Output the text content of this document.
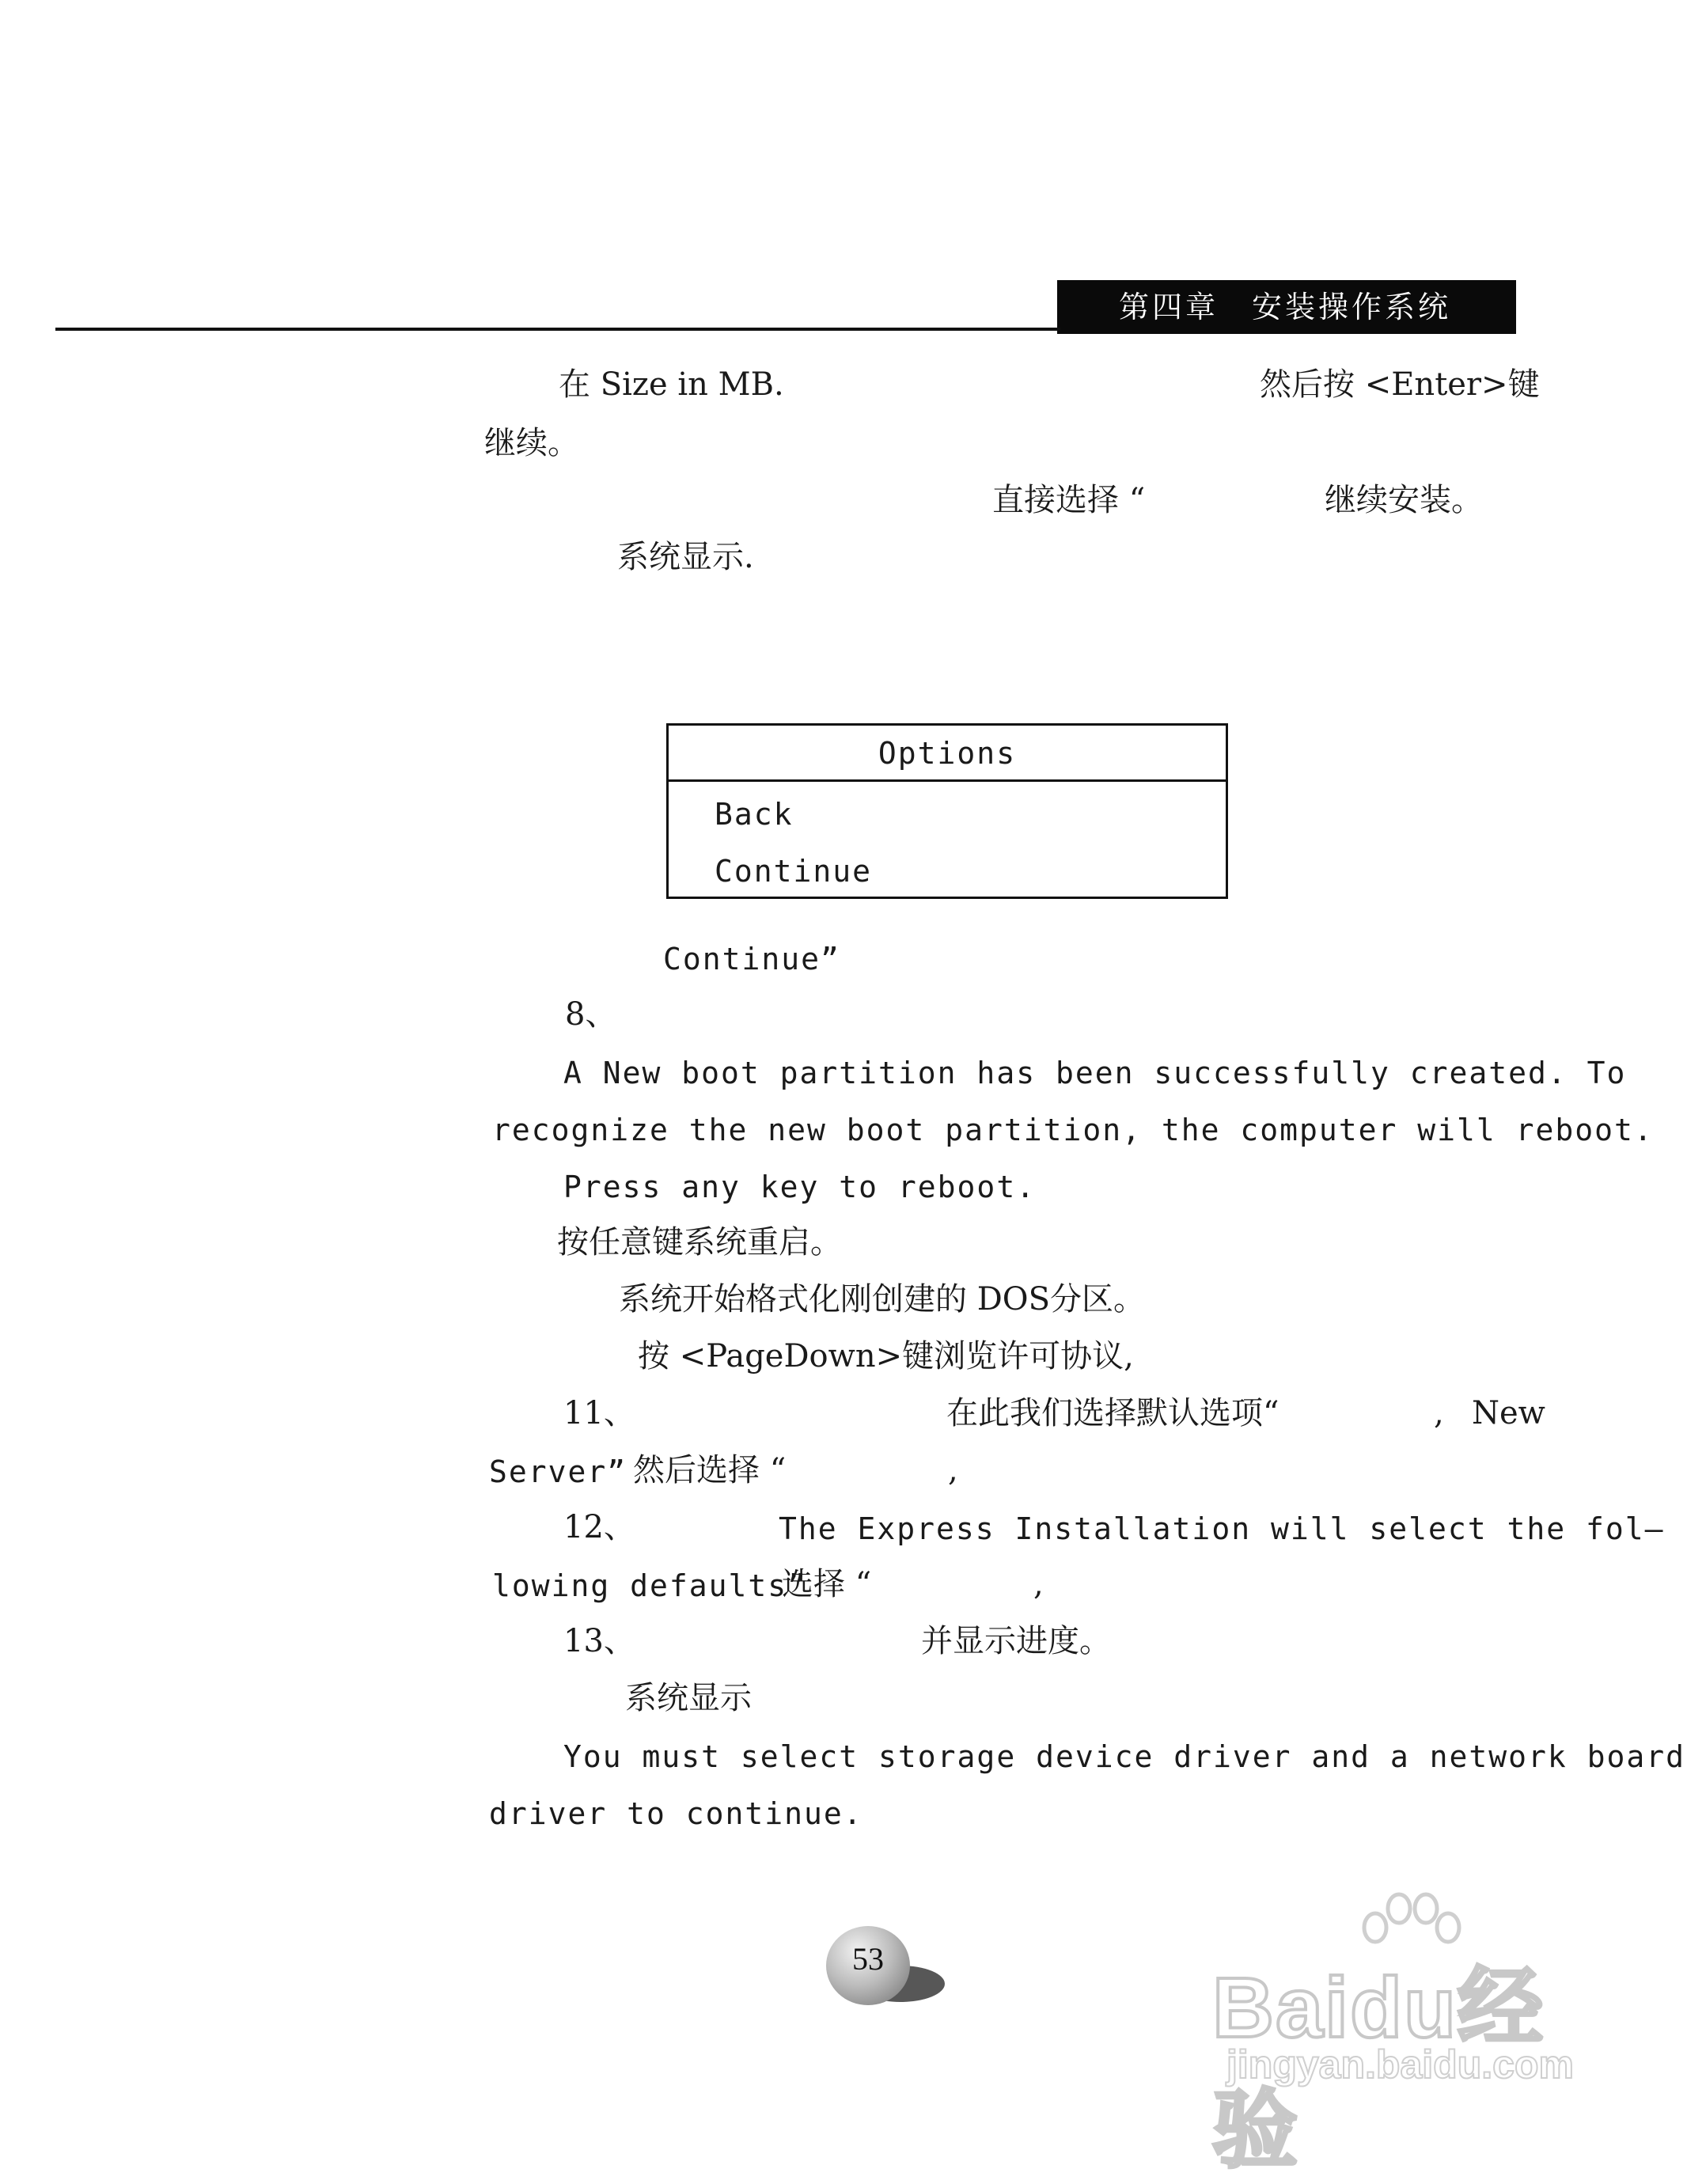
第四章　安装操作系统
在 Size in MB.	然后按 <Enter>键
继续。
直接选择 “	继续安装。
系统显示.
Options
Back
Continue
Continue”
8、
A New boot partition has been successfully created. To
recognize the new boot partition, the computer will reboot.
Press any key to reboot.
按任意键系统重启。
系统开始格式化刚创建的 DOS分区。
按 <PageDown>键浏览许可协议,
11、	在此我们选择默认选项“	, New
Server” 然后选择 “	,
12、	The Express Installation will select the fol—
lowing defaults”
选择 “	,
13、	并显示进度。
系统显示
You must select storage device driver and a network board
driver to continue.
53
Baidu经验
jingyan.baidu.com
